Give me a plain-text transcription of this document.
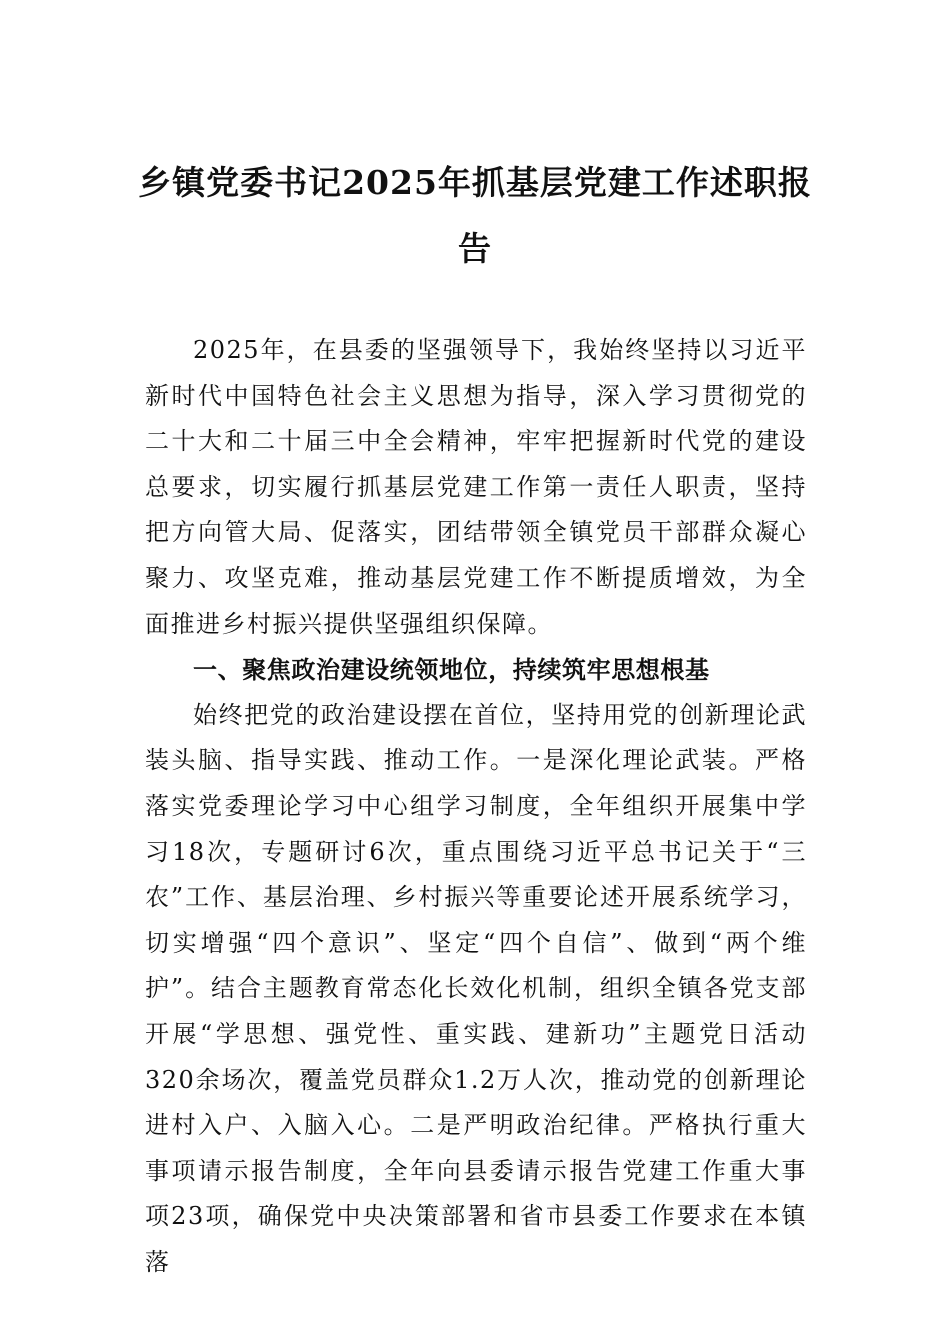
乡镇党委书记2025年抓基层党建工作述职报告

2025年，在县委的坚强领导下，我始终坚持以习近平新时代中国特色社会主义思想为指导，深入学习贯彻党的二十大和二十届三中全会精神，牢牢把握新时代党的建设总要求，切实履行抓基层党建工作第一责任人职责，坚持把方向管大局、促落实，团结带领全镇党员干部群众凝心聚力、攻坚克难，推动基层党建工作不断提质增效，为全面推进乡村振兴提供坚强组织保障。

一、聚焦政治建设统领地位，持续筑牢思想根基

始终把党的政治建设摆在首位，坚持用党的创新理论武装头脑、指导实践、推动工作。一是深化理论武装。严格落实党委理论学习中心组学习制度，全年组织开展集中学习18次，专题研讨6次，重点围绕习近平总书记关于“三农”工作、基层治理、乡村振兴等重要论述开展系统学习，切实增强“四个意识”、坚定“四个自信”、做到“两个维护”。结合主题教育常态化长效化机制，组织全镇各党支部开展“学思想、强党性、重实践、建新功”主题党日活动320余场次，覆盖党员群众1.2万人次，推动党的创新理论进村入户、入脑入心。二是严明政治纪律。严格执行重大事项请示报告制度，全年向县委请示报告党建工作重大事项23项，确保党中央决策部署和省市县委工作要求在本镇落
